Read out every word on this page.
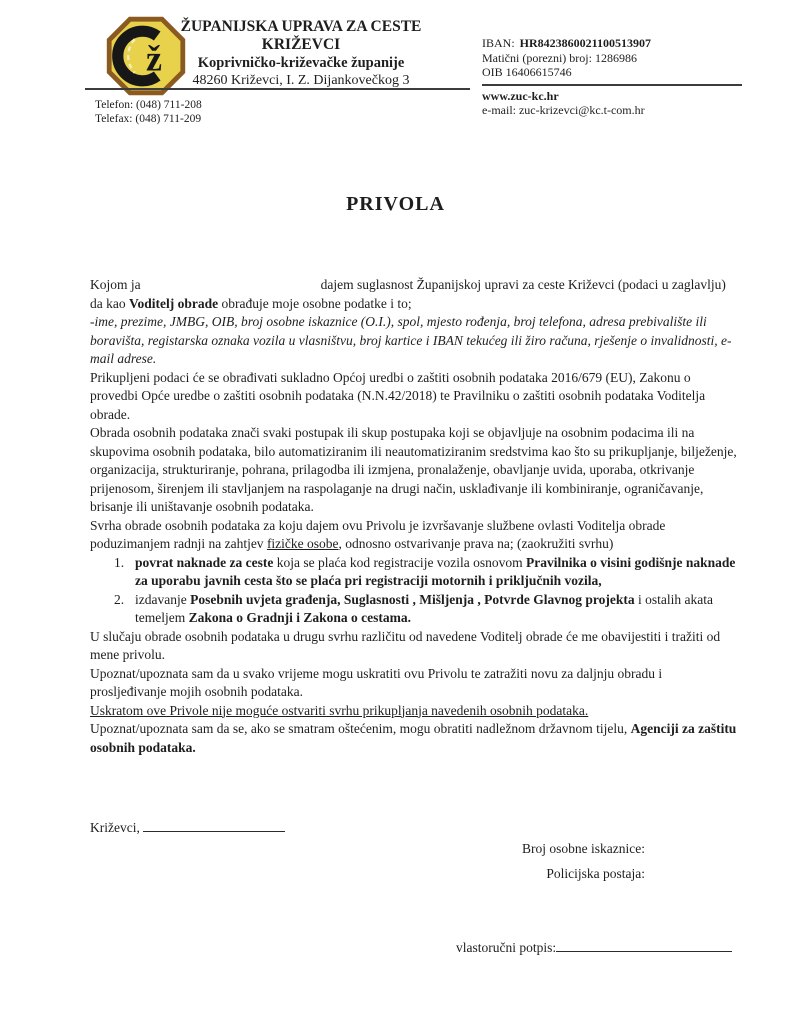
ž
ŽUPANIJSKA UPRAVA ZA CESTE
KRIŽEVCI
Koprivničko-križevačke županije
48260 Križevci, I. Z. Dijankovečkog 3
Telefon: (048) 711-208
Telefax: (048) 711-209
IBAN: HR8423860021100513907
Matični (porezni) broj: 1286986
OIB 16406615746
www.zuc-kc.hr
e-mail: zuc-krizevci@kc.t-com.hr
PRIVOLA

Kojom ja	dajem suglasnost Županijskoj upravi za ceste Križevci (podaci u zaglavlju) da kao Voditelj obrade obrađuje moje osobne podatke i to;

-ime, prezime, JMBG, OIB, broj osobne iskaznice (O.I.), spol, mjesto rođenja, broj telefona, adresa prebivalište ili boravišta, registarska oznaka vozila u vlasništvu, broj kartice i IBAN tekućeg ili žiro računa, rješenje o invalidnosti, e-mail adrese.

Prikupljeni podaci će se obrađivati sukladno Općoj uredbi o zaštiti osobnih podataka 2016/679 (EU), Zakonu o provedbi Opće uredbe o zaštiti osobnih podataka (N.N.42/2018) te Pravilniku o zaštiti osobnih podataka Voditelja obrade.

Obrada osobnih podataka znači svaki postupak ili skup postupaka koji se objavljuje na osobnim podacima ili na skupovima osobnih podataka, bilo automatiziranim ili neautomatiziranim sredstvima kao što su prikupljanje, bilježenje, organizacija, strukturiranje, pohrana, prilagodba ili izmjena, pronalaženje, obavljanje uvida, uporaba, otkrivanje prijenosom, širenjem ili stavljanjem na raspolaganje na drugi način, usklađivanje ili kombiniranje, ograničavanje, brisanje ili uništavanje osobnih podataka.

Svrha obrade osobnih podataka za koju dajem ovu Privolu je izvršavanje službene ovlasti Voditelja obrade poduzimanjem radnji na zahtjev fizičke osobe, odnosno ostvarivanje prava na; (zaokružiti svrhu)

1. povrat naknade za ceste koja se plaća kod registracije vozila osnovom Pravilnika o visini godišnje naknade za uporabu javnih cesta što se plaća pri registraciji motornih i priključnih vozila,
2. izdavanje Posebnih uvjeta građenja, Suglasnosti , Mišljenja , Potvrde Glavnog projekta i ostalih akata temeljem Zakona o Gradnji i Zakona o cestama.

U slučaju obrade osobnih podataka u drugu svrhu različitu od navedene Voditelj obrade će me obavijestiti i tražiti od mene privolu.

Upoznat/upoznata sam da u svako vrijeme mogu uskratiti ovu Privolu te zatražiti novu za daljnju obradu i prosljeđivanje mojih osobnih podataka.

Uskratom ove Privole nije moguće ostvariti svrhu prikupljanja navedenih osobnih podataka.

Upoznat/upoznata sam da se, ako se smatram oštećenim, mogu obratiti nadležnom državnom tijelu, Agenciji za zaštitu osobnih podataka.

Križevci,
Broj osobne iskaznice:
Policijska postaja:
vlastoručni potpis:
